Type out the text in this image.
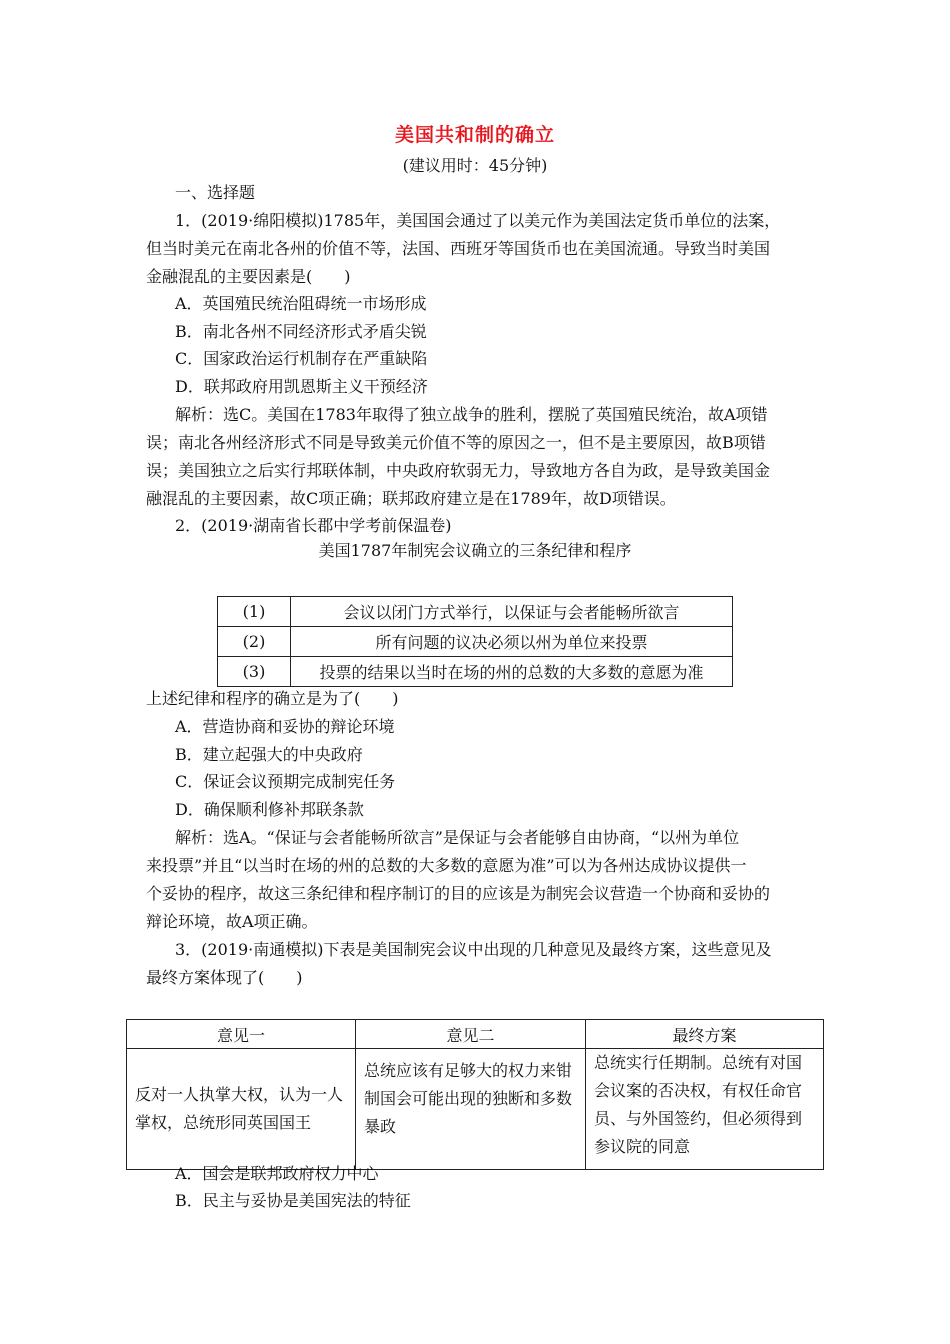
美国共和制的确立
(建议用时：45分钟)
一、选择题
1．(2019·绵阳模拟)1785年，美国国会通过了以美元作为美国法定货币单位的法案，
但当时美元在南北各州的价值不等，法国、西班牙等国货币也在美国流通。导致当时美国
金融混乱的主要因素是(　　)
A．英国殖民统治阻碍统一市场形成
B．南北各州不同经济形式矛盾尖锐
C．国家政治运行机制存在严重缺陷
D．联邦政府用凯恩斯主义干预经济
解析：选C。美国在1783年取得了独立战争的胜利，摆脱了英国殖民统治，故A项错
误；南北各州经济形式不同是导致美元价值不等的原因之一，但不是主要原因，故B项错
误；美国独立之后实行邦联体制，中央政府软弱无力，导致地方各自为政，是导致美国金
融混乱的主要因素，故C项正确；联邦政府建立是在1789年，故D项错误。
2．(2019·湖南省长郡中学考前保温卷)
美国1787年制宪会议确立的三条纪律和程序
(1)	会议以闭门方式举行，以保证与会者能畅所欲言
(2)	所有问题的议决必须以州为单位来投票
(3)	投票的结果以当时在场的州的总数的大多数的意愿为准
上述纪律和程序的确立是为了(　　)
A．营造协商和妥协的辩论环境
B．建立起强大的中央政府
C．保证会议预期完成制宪任务
D．确保顺利修补邦联条款
解析：选A。“保证与会者能畅所欲言”是保证与会者能够自由协商，“以州为单位
来投票”并且“以当时在场的州的总数的大多数的意愿为准”可以为各州达成协议提供一
个妥协的程序，故这三条纪律和程序制订的目的应该是为制宪会议营造一个协商和妥协的
辩论环境，故A项正确。
3．(2019·南通模拟)下表是美国制宪会议中出现的几种意见及最终方案，这些意见及
最终方案体现了(　　)
意见一	意见二	最终方案
反对一人执掌大权，认为一人掌权，总统形同英国国王	总统应该有足够大的权力来钳制国会可能出现的独断和多数暴政	总统实行任期制。总统有对国会议案的否决权，有权任命官员、与外国签约，但必须得到参议院的同意
A．国会是联邦政府权力中心
B．民主与妥协是美国宪法的特征
